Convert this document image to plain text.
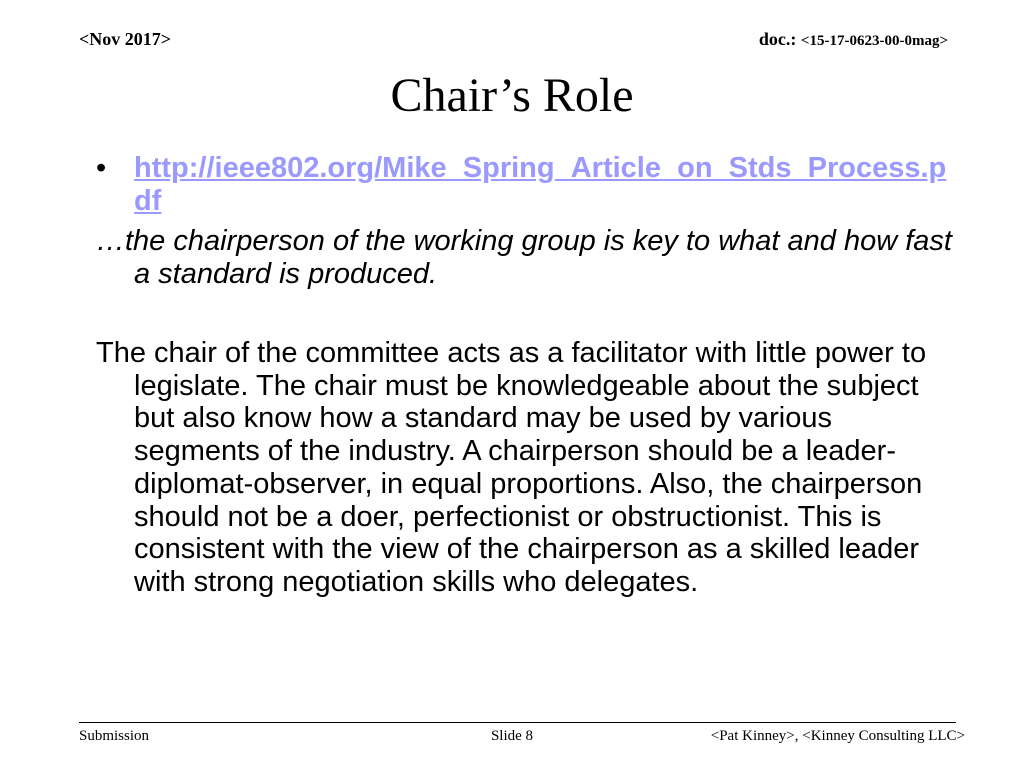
<Nov 2017>	doc.: <15-17-0623-00-0mag>
Chair’s Role
• http://ieee802.org/Mike_Spring_Article_on_Stds_Process.pdf
…the chairperson of the working group is key to what and how fast a standard is produced.
The chair of the committee acts as a facilitator with little power to legislate. The chair must be knowledgeable about the subject but also know how a standard may be used by various segments of the industry. A chairperson should be a leader-diplomat-observer, in equal proportions. Also, the chairperson should not be a doer, perfectionist or obstructionist. This is consistent with the view of the chairperson as a skilled leader with strong negotiation skills who delegates.
Submission	Slide 8	<Pat Kinney>, <Kinney Consulting LLC>
